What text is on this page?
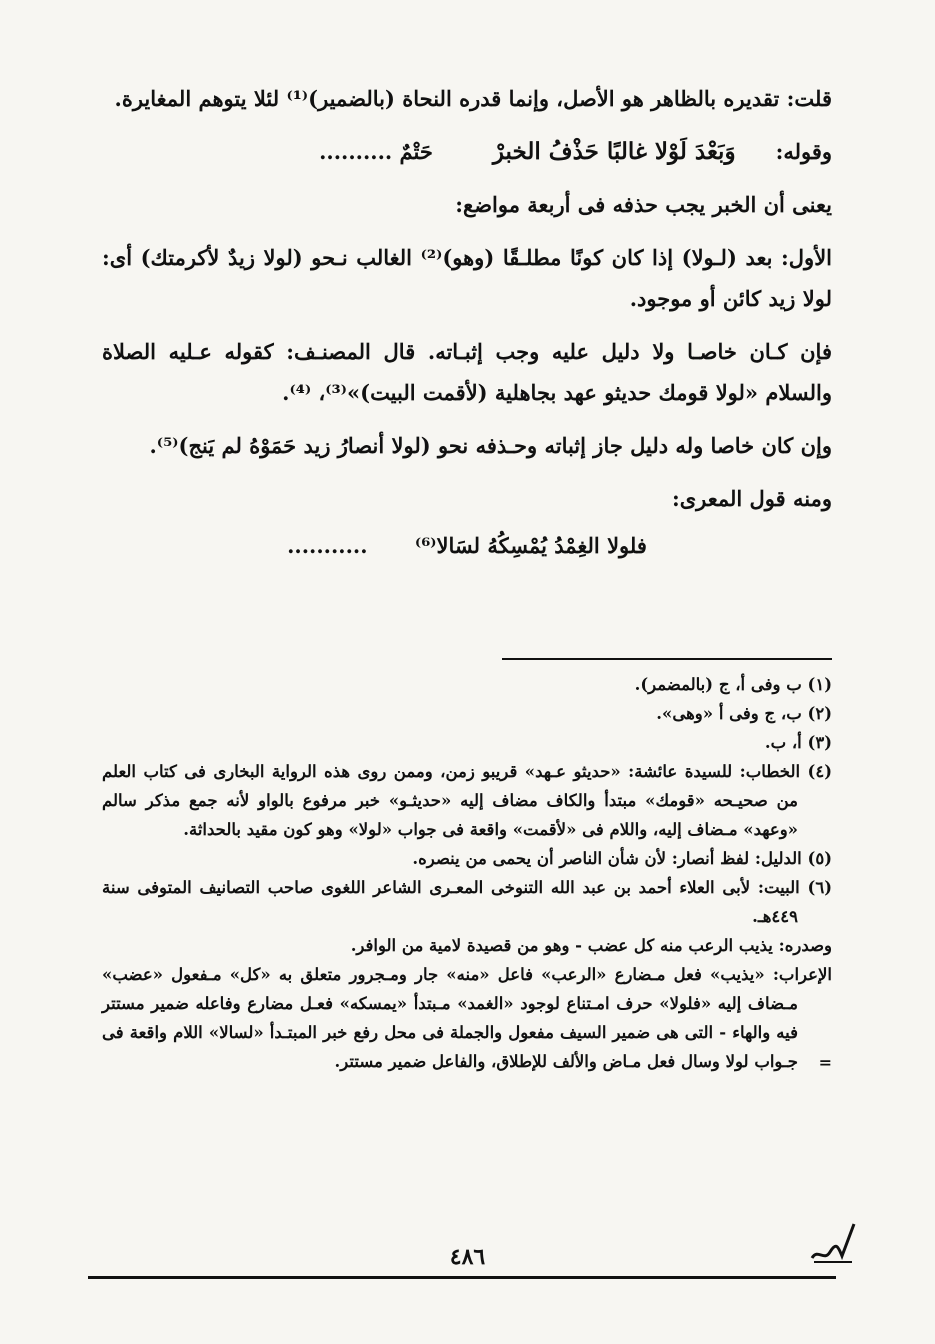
قلت: تقديره بالظاهر هو الأصل، وإنما قدره النحاة (بالضمير)⁽¹⁾ لئلا يتوهم المغايرة.

وقوله:
وَبَعْدَ لَوْلا غالبًا حَذْفُ الخبرْ
حَتْمٌ ..........

يعنى أن الخبر يجب حذفه فى أربعة مواضع:

الأول: بعد (لـولا) إذا كان كونًا مطلـقًا (وهو)⁽²⁾ الغالب نـحو (لولا زيدٌ لأكرمتك) أى: لولا زيد كائن أو موجود.

فإن كـان خاصـا ولا دليل عليه وجب إثبـاته. قال المصنـف: كقوله عـليه الصلاة والسلام «لولا قومك حديثو عهد بجاهلية (لأقمت البيت)»⁽³⁾، ⁽⁴⁾.

وإن كان خاصا وله دليل جاز إثباته وحـذفه نحو (لولا أنصارُ زيد حَمَوْهُ لم يَنج)⁽⁵⁾.

ومنه قول المعرى:

فلولا الغِمْدُ يُمْسِكُهُ لسَالا⁽⁶⁾ ...........

(١) ب وفى أ، ج (بالمضمر).

(٢) ب، ج وفى أ «وهى».

(٣) أ، ب.

(٤) الخطاب: للسيدة عائشة: «حديثو عـهد» قريبو زمن، وممن روى هذه الرواية البخارى فى كتاب العلم من صحيـحه «قومك» مبتدأ والكاف مضاف إليه «حديثـو» خبر مرفوع بالواو لأنه جمع مذكر سالم «وعهد» مـضاف إليه، واللام فى «لأقمت» واقعة فى جواب «لولا» وهو كون مقيد بالحداثة.

(٥) الدليل: لفظ أنصار: لأن شأن الناصر أن يحمى من ينصره.

(٦) البيت: لأبى العلاء أحمد بن عبد الله التنوخى المعـرى الشاعر اللغوى صاحب التصانيف المتوفى سنة ٤٤٩هـ.

وصدره: يذيب الرعب منه كل عضب - وهو من قصيدة لامية من الوافر.

الإعراب: «يذيب» فعل مـضارع «الرعب» فاعل «منه» جار ومـجرور متعلق به «كل» مـفعول «عضب» مـضاف إليه «فلولا» حرف امـتناع لوجود «الغمد» مـبتدأ «يمسكه» فعـل مضارع وفاعله ضمير مستتر فيه والهاء - التى هى ضمير السيف مفعول والجملة فى محل رفع خبر المبتـدأ «لسالا» اللام واقعة فى جـواب لولا وسال فعل مـاض والألف للإطلاق، والفاعل ضمير مستتر.	=

٤٨٦
